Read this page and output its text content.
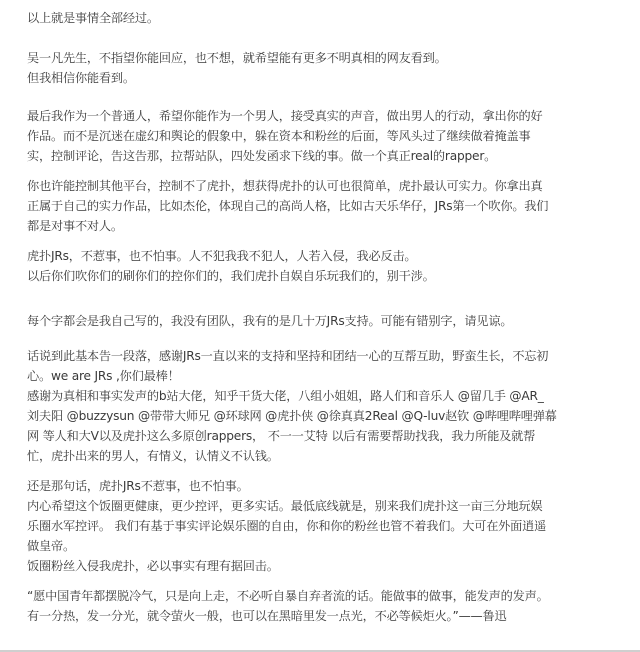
以上就是事情全部经过。
吴一凡先生，不指望你能回应，也不想，就希望能有更多不明真相的网友看到。
但我相信你能看到。
最后我作为一个普通人，希望你能作为一个男人，接受真实的声音，做出男人的行动，拿出你的好
作品。而不是沉迷在虚幻和舆论的假象中，躲在资本和粉丝的后面，等风头过了继续做着掩盖事
实，控制评论，告这告那，拉帮站队，四处发函求下线的事。做一个真正real的rapper。
你也许能控制其他平台，控制不了虎扑，想获得虎扑的认可也很简单，虎扑最认可实力。你拿出真
正属于自己的实力作品，比如杰伦，体现自己的高尚人格，比如古天乐华仔，JRs第一个吹你。我们
都是对事不对人。
虎扑JRs，不惹事，也不怕事。人不犯我我不犯人，人若入侵，我必反击。
以后你们吹你们的刷你们的控你们的，我们虎扑自娱自乐玩我们的，别干涉。
每个字都会是我自己写的，我没有团队，我有的是几十万JRs支持。可能有错别字，请见谅。
话说到此基本告一段落，感谢JRs一直以来的支持和坚持和团结一心的互帮互助，野蛮生长，不忘初
心。we are JRs ,你们最棒！
感谢为真相和事实发声的b站大佬，知乎干货大佬，八组小姐姐，路人们和音乐人 @留几手 @AR_
刘夫阳 @buzzysun @带带大师兄 @环球网 @虎扑侠 @徐真真2Real @Q-luv赵钦 @哔哩哔哩弹幕
网 等人和大V以及虎扑这么多原创rappers， 不一一艾特 以后有需要帮助找我，我力所能及就帮
忙，虎扑出来的男人，有情义，认情义不认钱。
还是那句话，虎扑JRs不惹事，也不怕事。
内心希望这个饭圈更健康，更少控评，更多实话。最低底线就是，别来我们虎扑这一亩三分地玩娱
乐圈水军控评。 我们有基于事实评论娱乐圈的自由，你和你的粉丝也管不着我们。大可在外面逍遥
做皇帝。
饭圈粉丝入侵我虎扑，必以事实有理有据回击。
“愿中国青年都摆脱冷气，只是向上走，不必听自暴自弃者流的话。能做事的做事，能发声的发声。
有一分热，发一分光，就令萤火一般，也可以在黑暗里发一点光，不必等候炬火。”——鲁迅
